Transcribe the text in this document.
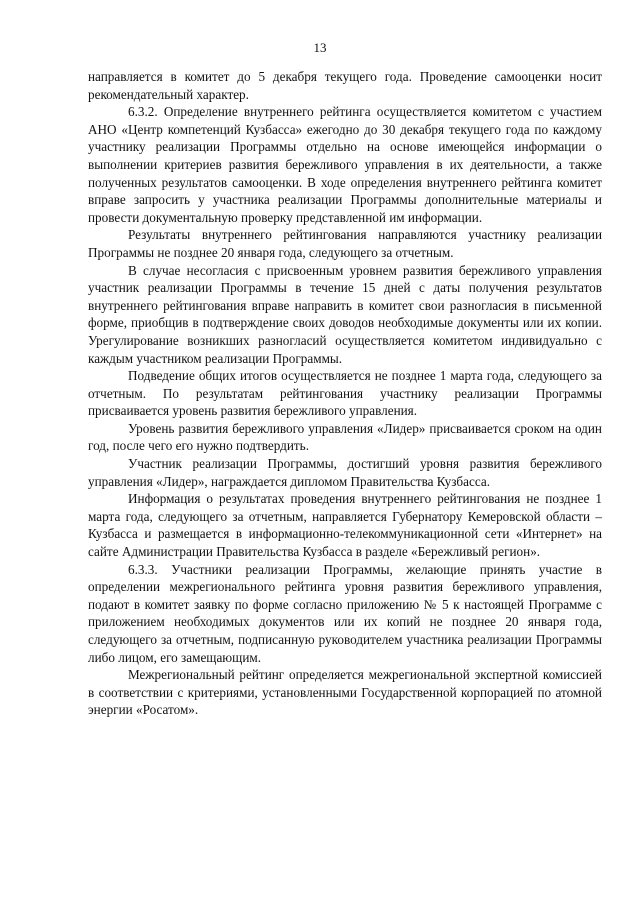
13

направляется в комитет до 5 декабря текущего года. Проведение самооценки носит рекомендательный характер.

6.3.2. Определение внутреннего рейтинга осуществляется комитетом с участием АНО «Центр компетенций Кузбасса» ежегодно до 30 декабря текущего года по каждому участнику реализации Программы отдельно на основе имеющейся информации о выполнении критериев развития бережливого управления в их деятельности, а также полученных результатов самооценки. В ходе определения внутреннего рейтинга комитет вправе запросить у участника реализации Программы дополнительные материалы и провести документальную проверку представленной им информации.

Результаты внутреннего рейтингования направляются участнику реализации Программы не позднее 20 января года, следующего за отчетным.

В случае несогласия с присвоенным уровнем развития бережливого управления участник реализации Программы в течение 15 дней с даты получения результатов внутреннего рейтингования вправе направить в комитет свои разногласия в письменной форме, приобщив в подтверждение своих доводов необходимые документы или их копии. Урегулирование возникших разногласий осуществляется комитетом индивидуально с каждым участником реализации Программы.

Подведение общих итогов осуществляется не позднее 1 марта года, следующего за отчетным. По результатам рейтингования участнику реализации Программы присваивается уровень развития бережливого управления.

Уровень развития бережливого управления «Лидер» присваивается сроком на один год, после чего его нужно подтвердить.

Участник реализации Программы, достигший уровня развития бережливого управления «Лидер», награждается дипломом Правительства Кузбасса.

Информация о результатах проведения внутреннего рейтингования не позднее 1 марта года, следующего за отчетным, направляется Губернатору Кемеровской области – Кузбасса и размещается в информационно-телекоммуникационной сети «Интернет» на сайте Администрации Правительства Кузбасса в разделе «Бережливый регион».

6.3.3. Участники реализации Программы, желающие принять участие в определении межрегионального рейтинга уровня развития бережливого управления, подают в комитет заявку по форме согласно приложению № 5 к настоящей Программе с приложением необходимых документов или их копий не позднее 20 января года, следующего за отчетным, подписанную руководителем участника реализации Программы либо лицом, его замещающим.

Межрегиональный рейтинг определяется межрегиональной экспертной комиссией в соответствии с критериями, установленными Государственной корпорацией по атомной энергии «Росатом».
